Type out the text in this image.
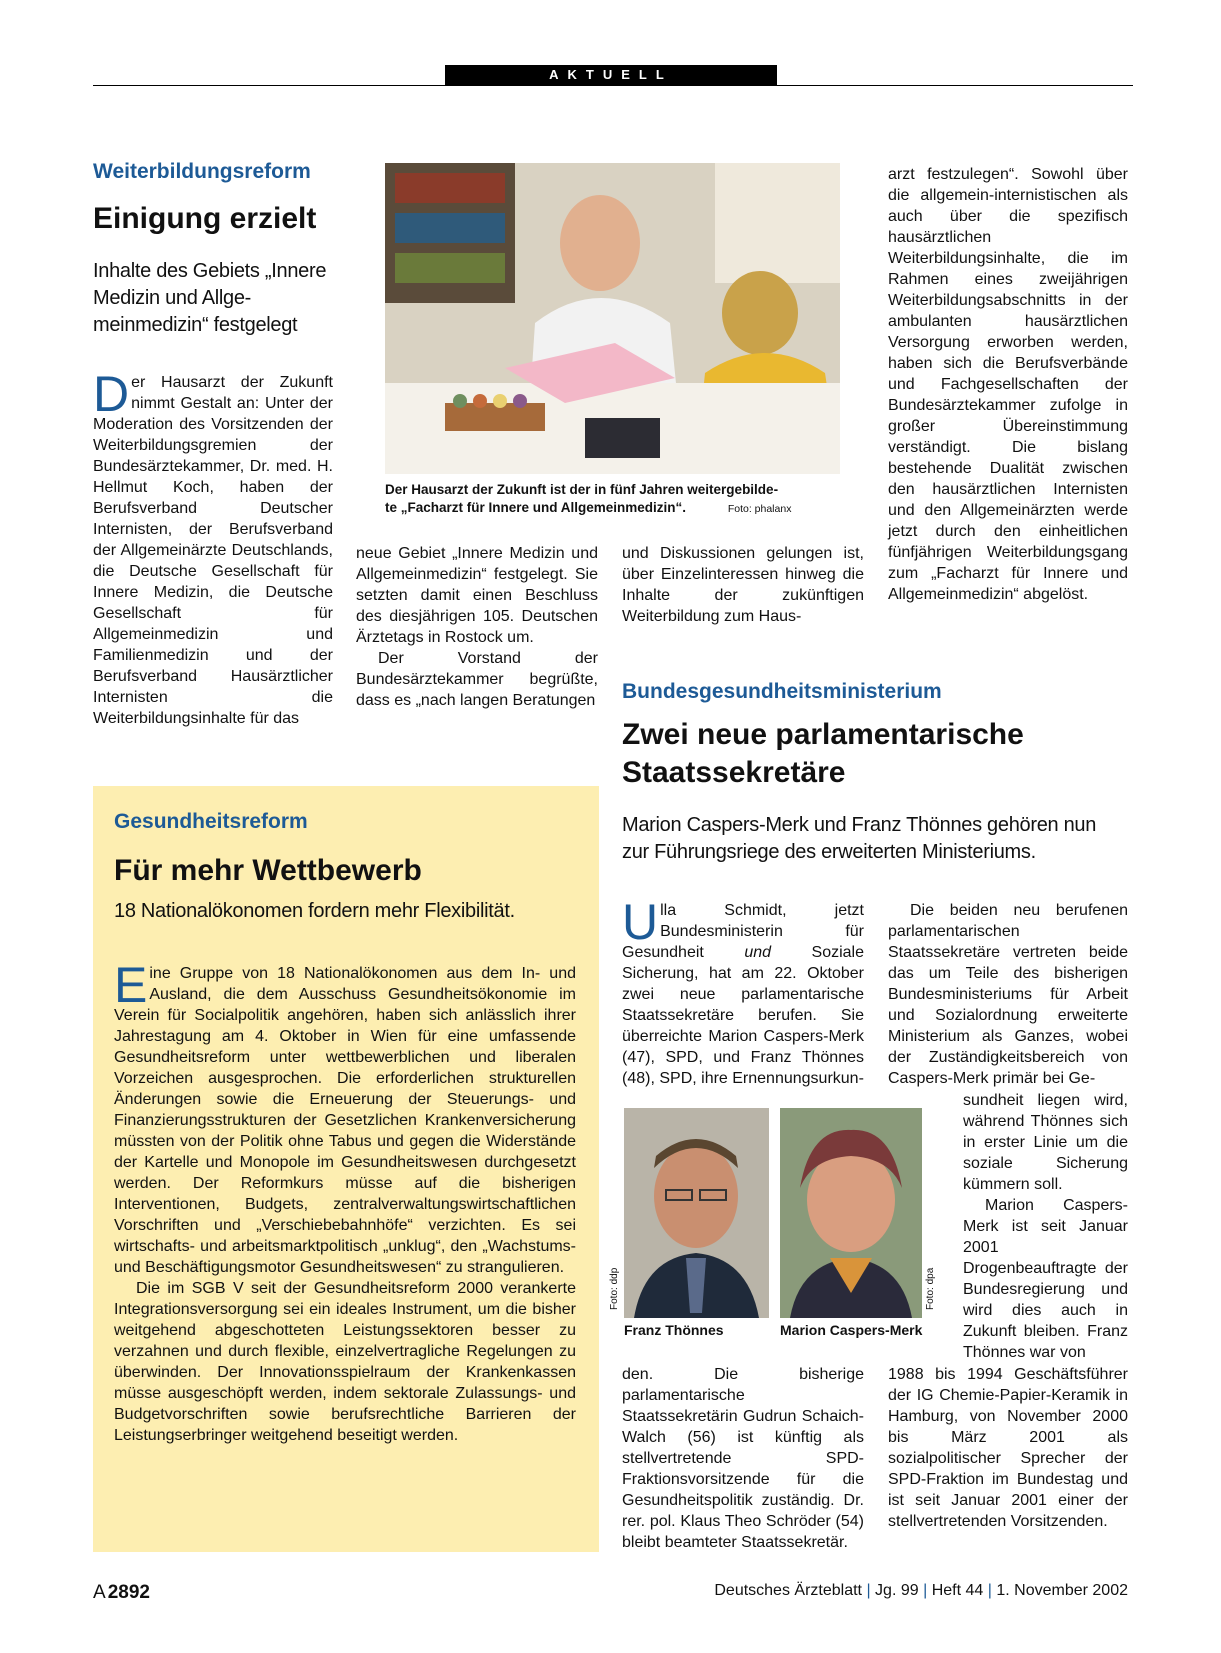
AKTUELL
Weiterbildungsreform
Einigung erzielt
Inhalte des Gebiets „Innere
Medizin und Allge-
meinmedizin“ festgelegt
D er Hausarzt der Zukunft nimmt Gestalt an: Unter der Moderation des Vorsitzenden der Weiterbildungsgremien der Bundesärztekammer, Dr. med. H. Hellmut Koch, haben der Berufsverband Deutscher Internisten, der Berufsverband der Allgemeinärzte Deutschlands, die Deutsche Gesellschaft für Innere Medizin, die Deutsche Gesellschaft für Allgemeinmedizin und Familienmedizin und der Berufsverband Hausärztlicher Internisten die Weiterbildungsinhalte für das
Der Hausarzt der Zukunft ist der in fünf Jahren weitergebilde-
te „Facharzt für Innere und Allgemeinmedizin“.	Foto: phalanx

neue Gebiet „Innere Medizin und Allgemeinmedizin“ festgelegt. Sie setzten damit einen Beschluss des diesjährigen 105. Deutschen Ärztetags in Rostock um.

Der Vorstand der Bundesärztekammer begrüßte, dass es „nach langen Beratungen

und Diskussionen gelungen ist, über Einzelinteressen hinweg die Inhalte der zukünftigen Weiterbildung zum Haus-

arzt festzulegen“. Sowohl über die allgemein-internistischen als auch über die spezifisch hausärztlichen Weiterbildungsinhalte, die im Rahmen eines zweijährigen Weiterbildungsabschnitts in der ambulanten hausärztlichen Versorgung erworben werden, haben sich die Berufsverbände und Fachgesellschaften der Bundesärztekammer zufolge in großer Übereinstimmung verständigt. Die bislang bestehende Dualität zwischen den hausärztlichen Internisten und den Allgemeinärzten werde jetzt durch den einheitlichen fünfjährigen Weiterbildungsgang zum „Facharzt für Innere und Allgemeinmedizin“ abgelöst.

Gesundheitsreform
Für mehr Wettbewerb
18 Nationalökonomen fordern mehr Flexibilität.

Eine Gruppe von 18 Nationalökonomen aus dem In- und Ausland, die dem Ausschuss Gesundheitsökonomie im Verein für Socialpolitik angehören, haben sich anlässlich ihrer Jahrestagung am 4. Oktober in Wien für eine umfassende Gesundheitsreform unter wettbewerblichen und liberalen Vorzeichen ausgesprochen. Die erforderlichen strukturellen Änderungen sowie die Erneuerung der Steuerungs- und Finanzierungsstrukturen der Gesetzlichen Krankenversicherung müssten von der Politik ohne Tabus und gegen die Widerstände der Kartelle und Monopole im Gesundheitswesen durchgesetzt werden. Der Reformkurs müsse auf die bisherigen Interventionen, Budgets, zentralverwaltungswirtschaftlichen Vorschriften und „Verschiebebahnhöfe“ verzichten. Es sei wirtschafts- und arbeitsmarktpolitisch „unklug“, den „Wachstums- und Beschäftigungsmotor Gesundheitswesen“ zu strangulieren.

Die im SGB V seit der Gesundheitsreform 2000 verankerte Integrationsversorgung sei ein ideales Instrument, um die bisher weitgehend abgeschotteten Leistungssektoren besser zu verzahnen und durch flexible, einzelvertragliche Regelungen zu überwinden. Der Innovationsspielraum der Krankenkassen müsse ausgeschöpft werden, indem sektorale Zulassungs- und Budgetvorschriften sowie berufsrechtliche Barrieren der Leistungserbringer weitgehend beseitigt werden.

Bundesgesundheitsministerium
Zwei neue parlamentarische
Staatssekretäre
Marion Caspers-Merk und Franz Thönnes gehören nun
zur Führungsriege des erweiterten Ministeriums.
U lla Schmidt, jetzt Bundesministerin für Gesundheit und Soziale Sicherung, hat am 22. Oktober zwei neue parlamentarische Staatssekretäre berufen. Sie überreichte Marion Caspers-Merk (47), SPD, und Franz Thönnes (48), SPD, ihre Ernennungsurkun-
Foto: ddp
Franz Thönnes
Foto: dpa
Marion Caspers-Merk

den. Die bisherige parlamentarische Staatssekretärin Gudrun Schaich-Walch (56) ist künftig als stellvertretende SPD-Fraktionsvorsitzende für die Gesundheitspolitik zuständig. Dr. rer. pol. Klaus Theo Schröder (54) bleibt beamteter Staatssekretär.

Die beiden neu berufenen parlamentarischen Staatssekretäre vertreten beide das um Teile des bisherigen Bundesministeriums für Arbeit und Sozialordnung erweiterte Ministerium als Ganzes, wobei der Zuständigkeitsbereich von Caspers-Merk primär bei Ge-

sundheit liegen wird, während Thönnes sich in erster Linie um die soziale Sicherung kümmern soll.

Marion Caspers-Merk ist seit Januar 2001 Drogenbeauftragte der Bundesregierung und wird dies auch in Zukunft bleiben. Franz Thönnes war von

1988 bis 1994 Geschäftsführer der IG Chemie-Papier-Keramik in Hamburg, von November 2000 bis März 2001 als sozialpolitischer Sprecher der SPD-Fraktion im Bundestag und ist seit Januar 2001 einer der stellvertretenden Vorsitzenden.

A 2892	Deutsches Ärzteblatt | Jg. 99 | Heft 44 | 1. November 2002
